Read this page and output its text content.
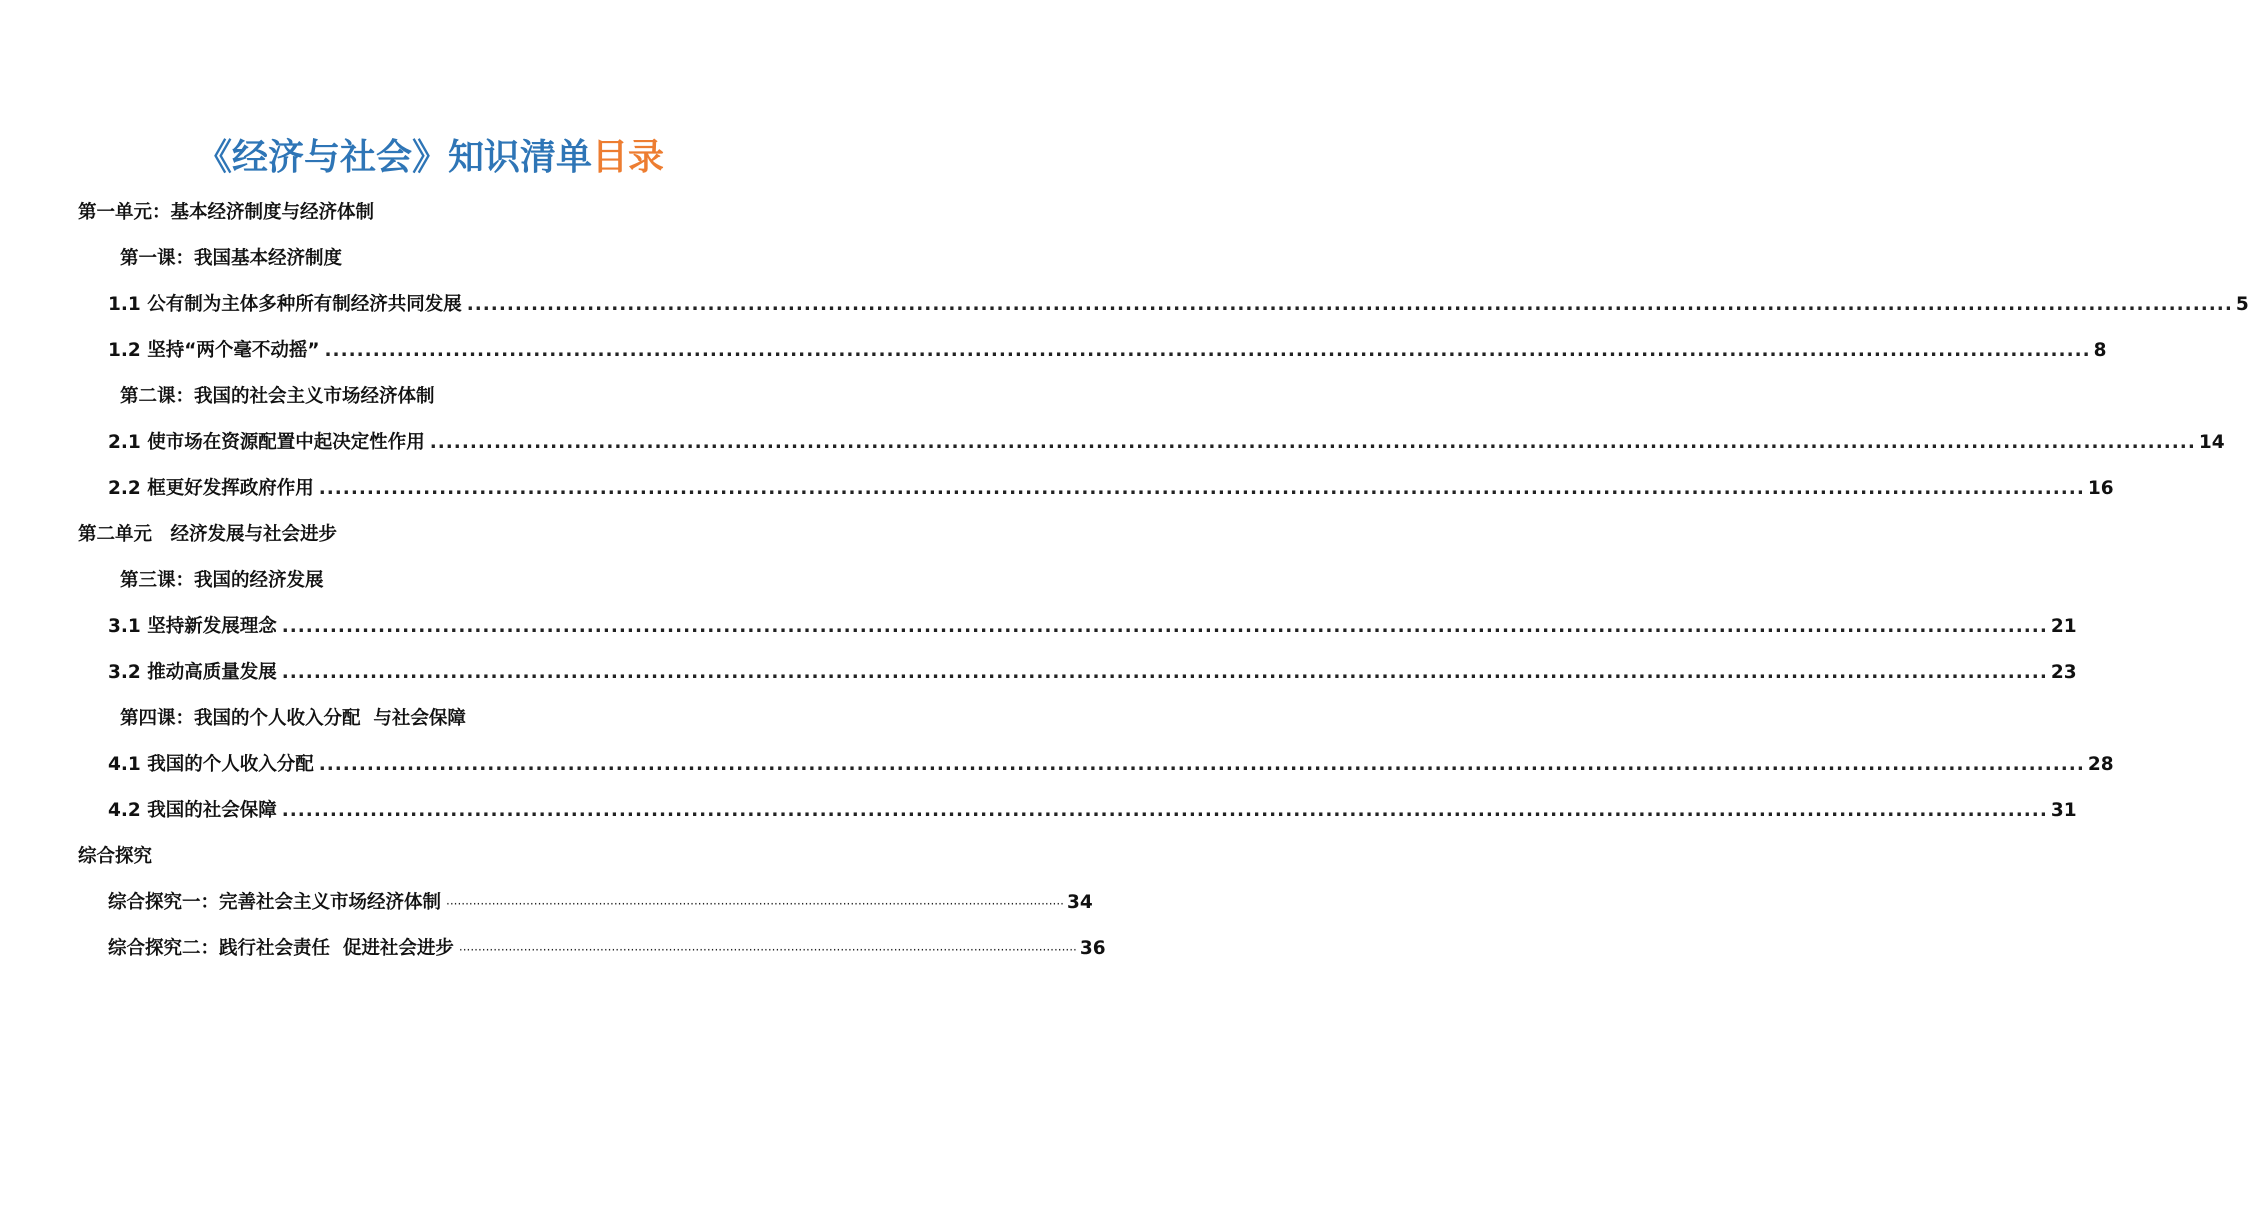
《经济与社会》知识清单目录
第一单元：基本经济制度与经济体制
第一课：我国基本经济制度
1.1 公有制为主体多种所有制经济共同发展 ............................................................................................................................................................................................................................ 5
1.2 坚持“两个毫不动摇” ............................................................................................................................................................................................................................ 8
第二课：我国的社会主义市场经济体制
2.1 使市场在资源配置中起决定性作用 ............................................................................................................................................................................................................................ 14
2.2 框更好发挥政府作用 ............................................................................................................................................................................................................................ 16
第二单元　经济发展与社会进步
第三课：我国的经济发展
3.1 坚持新发展理念 ............................................................................................................................................................................................................................ 21
3.2 推动高质量发展 ............................................................................................................................................................................................................................ 23
第四课：我国的个人收入分配  与社会保障
4.1 我国的个人收入分配 ............................................................................................................................................................................................................................ 28
4.2 我国的社会保障 ............................................................................................................................................................................................................................ 31
综合探究
综合探究一：完善社会主义市场经济体制 ·································································································································································· 34
综合探究二：践行社会责任  促进社会进步 ·································································································································································· 36
